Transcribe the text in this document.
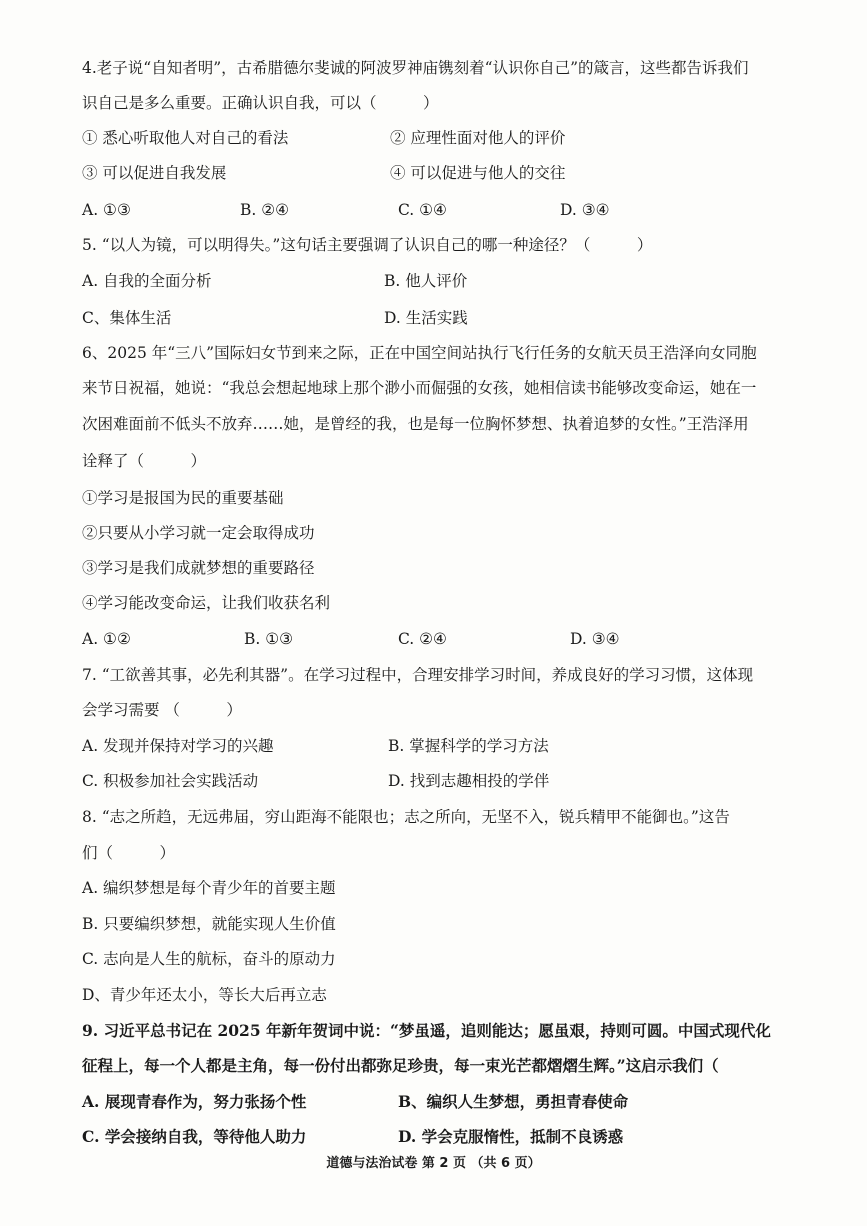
4.老子说“自知者明”，古希腊德尔斐诚的阿波罗神庙镌刻着“认识你自己”的箴言，这些都告诉我们
识自己是多么重要。正确认识自我，可以（　　　）
① 悉心听取他人对自己的看法	② 应理性面对他人的评价
③ 可以促进自我发展	④ 可以促进与他人的交往
A. ①③	B. ②④	C. ①④	D. ③④
5. “以人为镜，可以明得失。”这句话主要强调了认识自己的哪一种途径？（　　　）
A. 自我的全面分析	B. 他人评价
C、集体生活	D. 生活实践
6、2025 年“三八”国际妇女节到来之际，正在中国空间站执行飞行任务的女航天员王浩泽向女同胞
来节日祝福，她说：“我总会想起地球上那个渺小而倔强的女孩，她相信读书能够改变命运，她在一
次困难面前不低头不放弃……她，是曾经的我，也是每一位胸怀梦想、执着追梦的女性。”王浩泽用
诠释了（　　　）
①学习是报国为民的重要基础
②只要从小学习就一定会取得成功
③学习是我们成就梦想的重要路径
④学习能改变命运，让我们收获名利
A. ①②	B. ①③	C. ②④	D. ③④
7. “工欲善其事，必先利其器”。在学习过程中，合理安排学习时间，养成良好的学习习惯，这体现
会学习需要 （　　　）
A. 发现并保持对学习的兴趣	B. 掌握科学的学习方法
C. 积极参加社会实践活动	D. 找到志趣相投的学伴
8. “志之所趋，无远弗届，穷山距海不能限也；志之所向，无坚不入，锐兵精甲不能御也。”这告
们（　　　）
A. 编织梦想是每个青少年的首要主题
B. 只要编织梦想，就能实现人生价值
C. 志向是人生的航标，奋斗的原动力
D、青少年还太小，等长大后再立志
9. 习近平总书记在 2025 年新年贺词中说：“梦虽遥，追则能达；愿虽艰，持则可圆。中国式现代化
征程上，每一个人都是主角，每一份付出都弥足珍贵，每一束光芒都熠熠生辉。”这启示我们（
A. 展现青春作为，努力张扬个性	B、编织人生梦想，勇担青春使命
C. 学会接纳自我，等待他人助力	D. 学会克服惰性，抵制不良诱惑
道德与法治试卷 第 2 页 （共 6 页）
